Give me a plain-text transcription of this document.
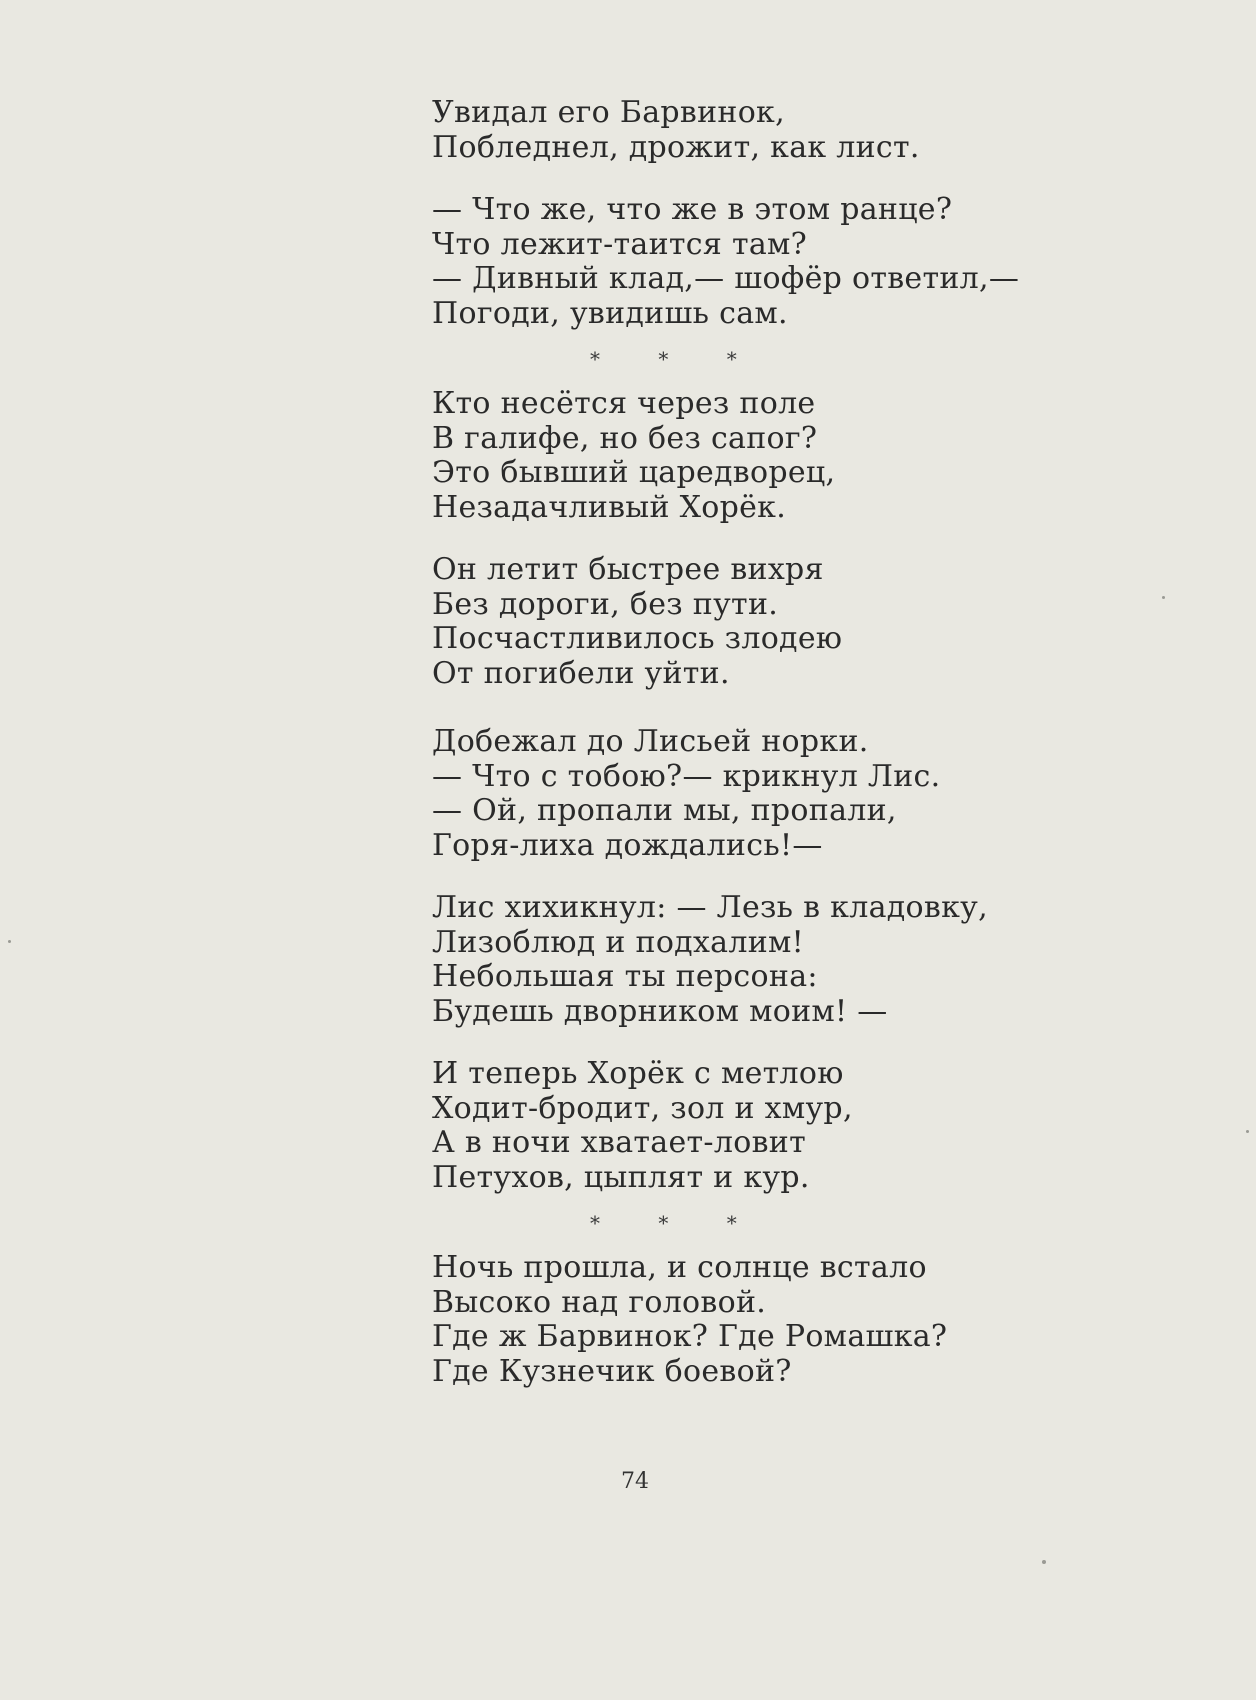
Увидал его Барвинок,
Побледнел, дрожит, как лист.
— Что же, что же в этом ранце?
Что лежит-таится там?
— Дивный клад,— шофёр ответил,—
Погоди, увидишь сам.
* * *
Кто несётся через поле
В галифе, но без сапог?
Это бывший царедворец,
Незадачливый Хорёк.
Он летит быстрее вихря
Без дороги, без пути.
Посчастливилось злодею
От погибели уйти.
Добежал до Лисьей норки.
— Что с тобою?— крикнул Лис.
— Ой, пропали мы, пропали,
Горя-лиха дождались!—
Лис хихикнул: — Лезь в кладовку,
Лизоблюд и подхалим!
Небольшая ты персона:
Будешь дворником моим! —
И теперь Хорёк с метлою
Ходит-бродит, зол и хмур,
А в ночи хватает-ловит
Петухов, цыплят и кур.
* * *
Ночь прошла, и солнце встало
Высоко над головой.
Где ж Барвинок? Где Ромашка?
Где Кузнечик боевой?
74
